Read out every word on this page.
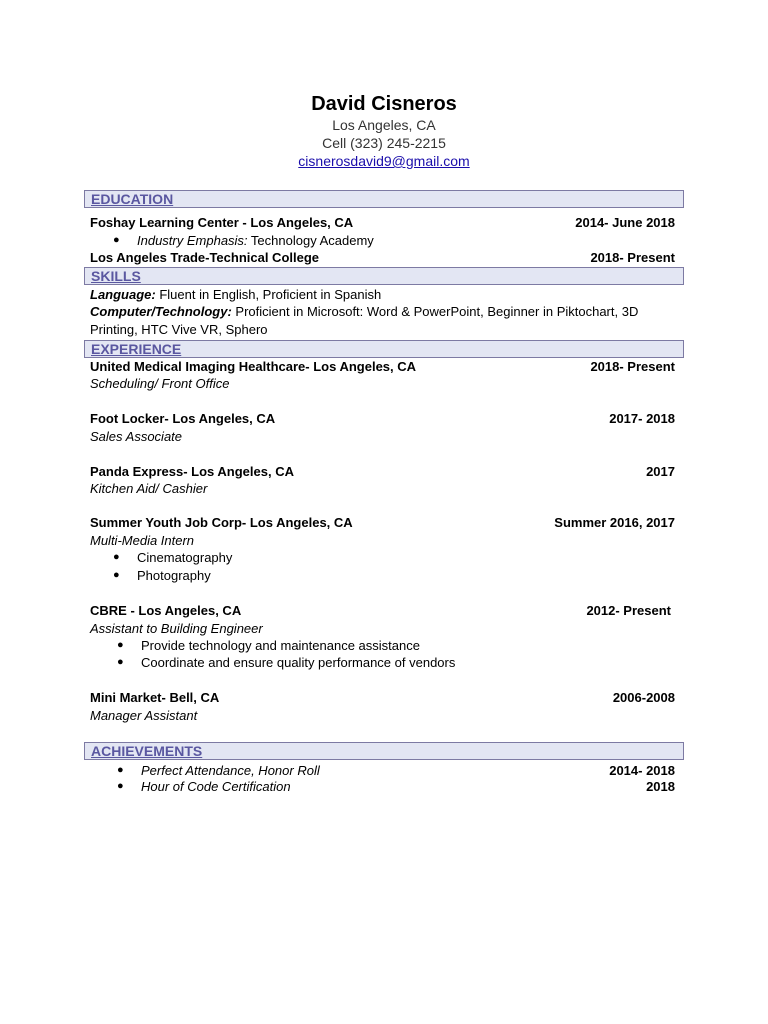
David Cisneros
Los Angeles, CA
Cell (323) 245-2215
cisnerosdavid9@gmail.com
EDUCATION
Foshay Learning Center - Los Angeles, CA	2014- June 2018
● Industry Emphasis: Technology Academy
Los Angeles Trade-Technical College	2018- Present
SKILLS
Language: Fluent in English, Proficient in Spanish
Computer/Technology: Proficient in Microsoft: Word & PowerPoint, Beginner in Piktochart, 3D
Printing, HTC Vive VR, Sphero
EXPERIENCE
United Medical Imaging Healthcare- Los Angeles, CA	2018- Present
Scheduling/ Front Office
Foot Locker- Los Angeles, CA	2017- 2018
Sales Associate
Panda Express- Los Angeles, CA	2017
Kitchen Aid/ Cashier
Summer Youth Job Corp- Los Angeles, CA	Summer 2016, 2017
Multi-Media Intern
● Cinematography
● Photography
CBRE - Los Angeles, CA	2012- Present
Assistant to Building Engineer
● Provide technology and maintenance assistance
● Coordinate and ensure quality performance of vendors
Mini Market- Bell, CA	2006-2008
Manager Assistant
ACHIEVEMENTS
● Perfect Attendance, Honor Roll	2014- 2018
● Hour of Code Certification	2018
